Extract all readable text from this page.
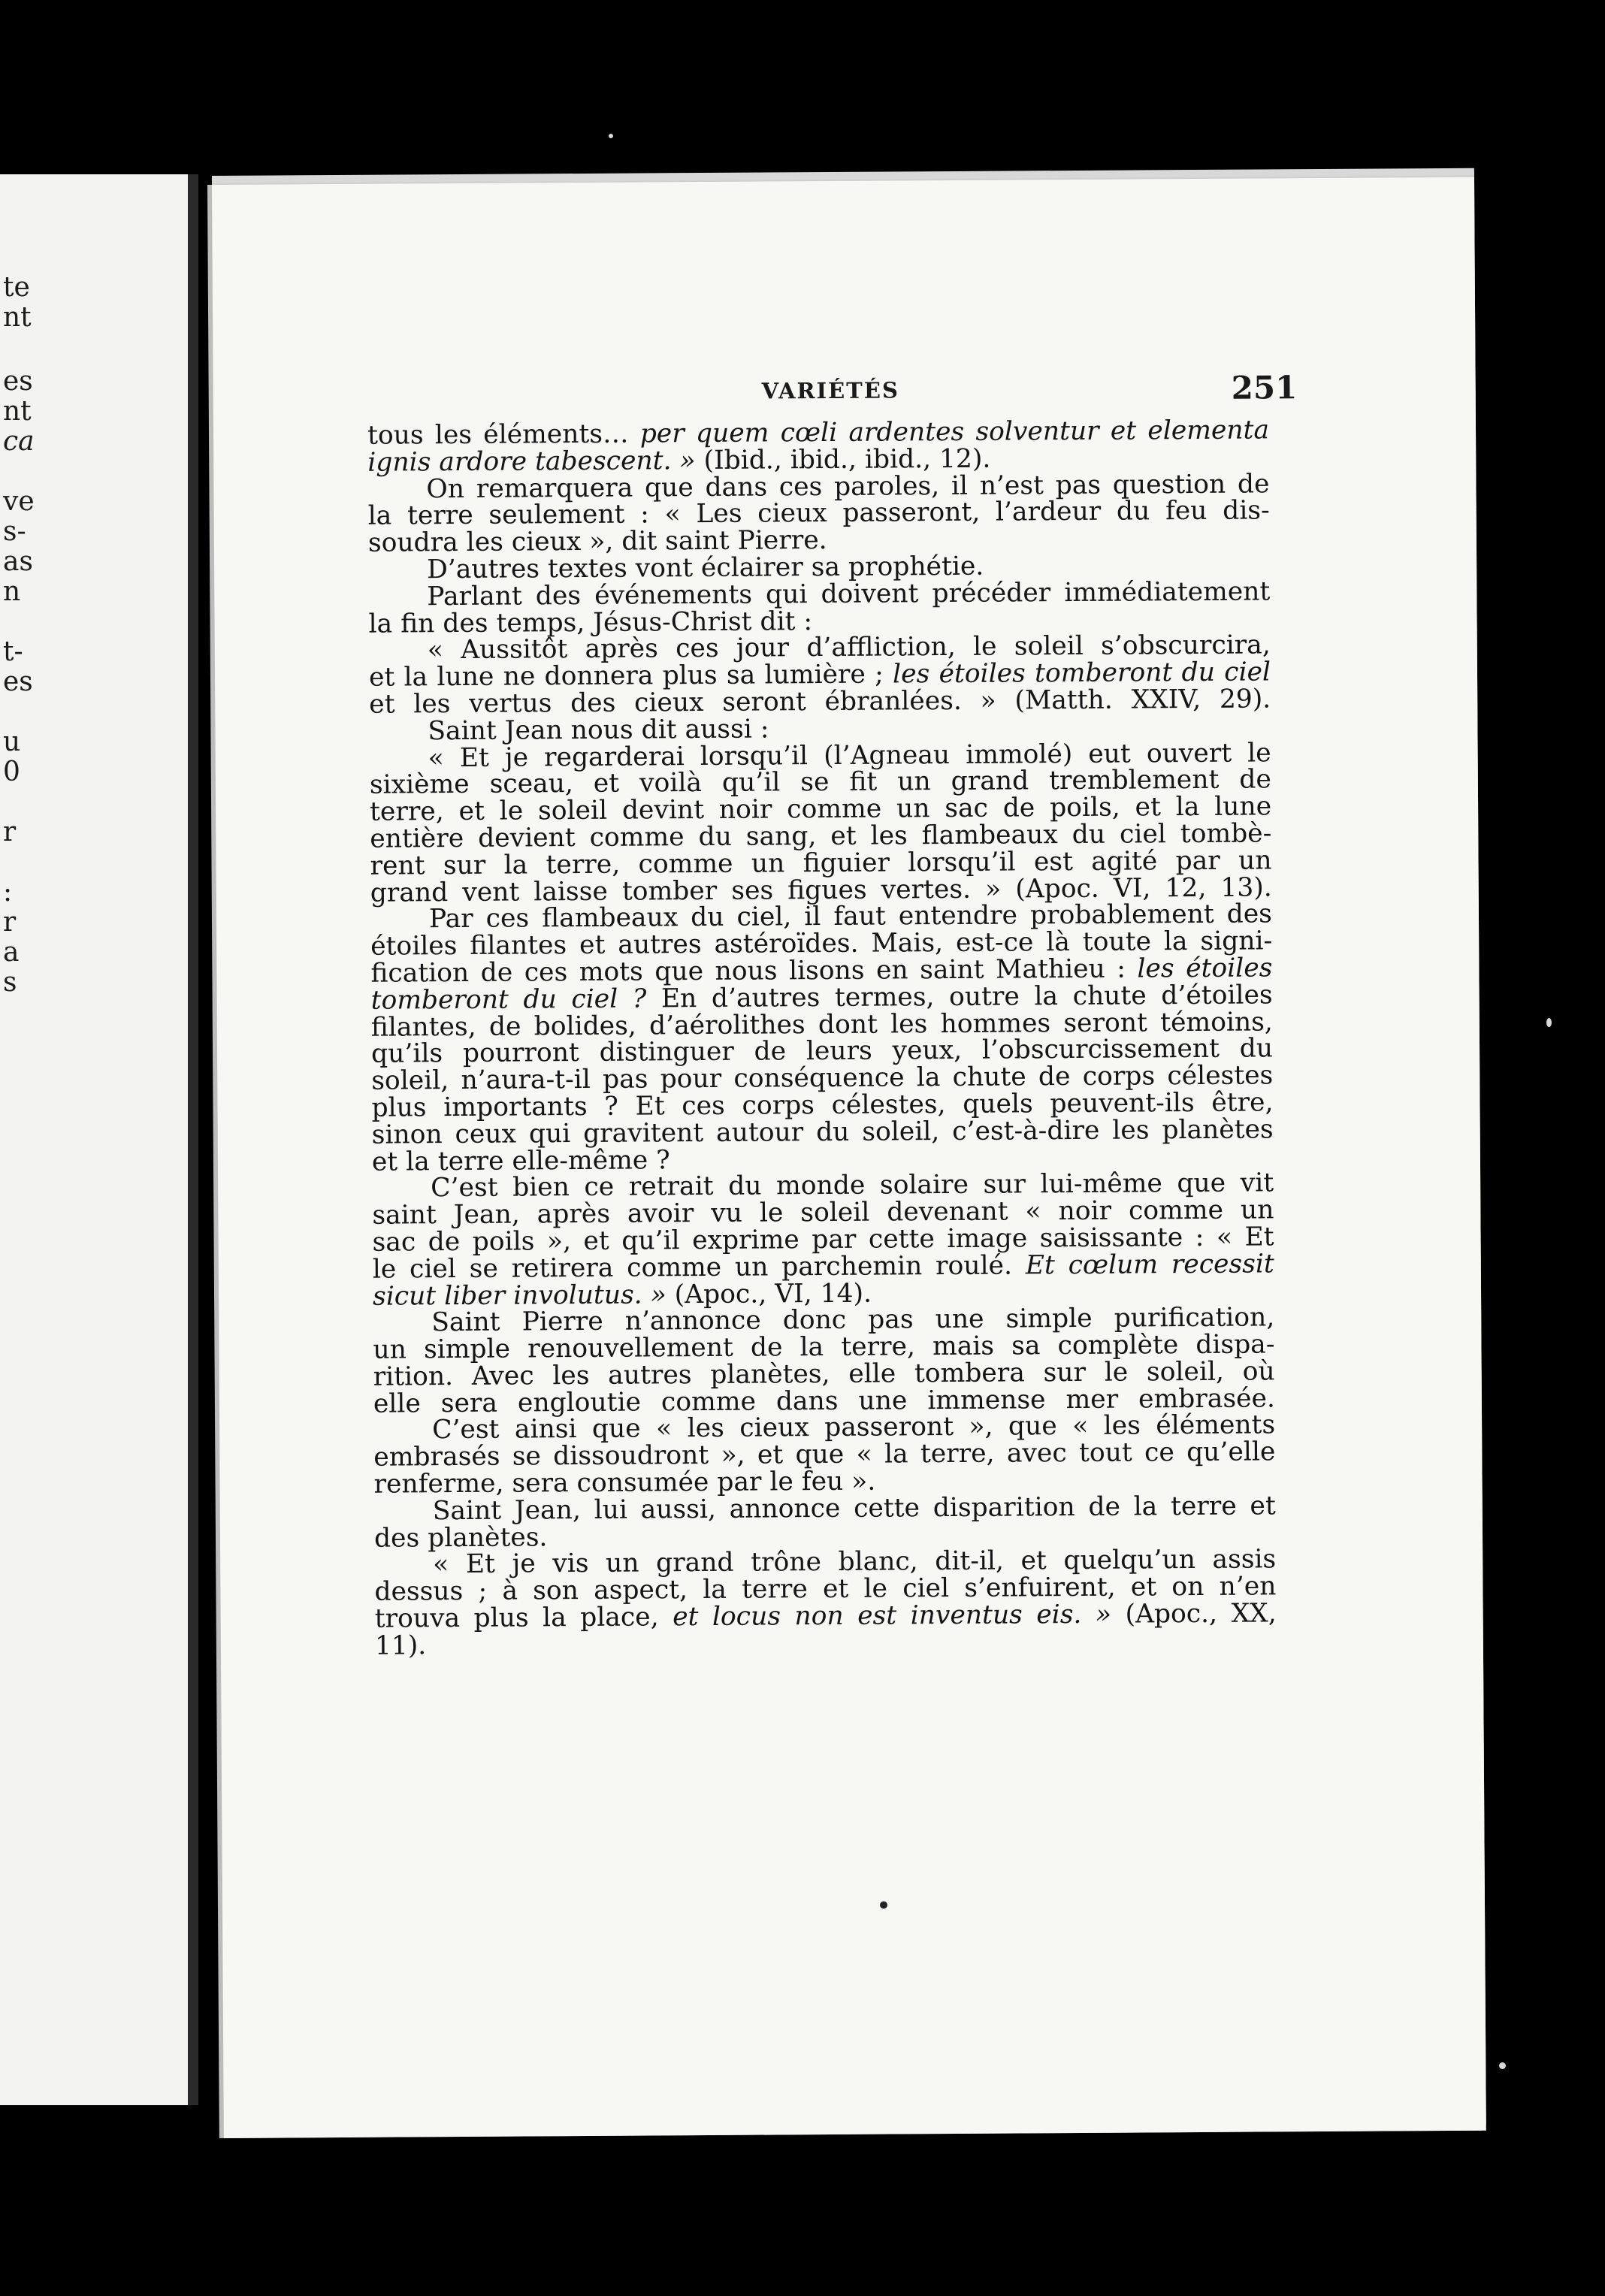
te
nt
es
nt
ca
ve
s-
as
n
t-
es
u
0
r
:
r
a
s
VARIÉTÉS	251
tous les éléments… per quem cœli ardentes solventur et elementa
ignis ardore tabescent. » (Ibid., ibid., ibid., 12).
On remarquera que dans ces paroles, il n’est pas question de
la terre seulement : « Les cieux passeront, l’ardeur du feu dis-
soudra les cieux », dit saint Pierre.
D’autres textes vont éclairer sa prophétie.
Parlant des événements qui doivent précéder immédiatement
la fin des temps, Jésus-Christ dit :
« Aussitôt après ces jour d’affliction, le soleil s’obscurcira,
et la lune ne donnera plus sa lumière ; les étoiles tomberont du ciel
et les vertus des cieux seront ébranlées. » (Matth. XXIV, 29).
Saint Jean nous dit aussi :
« Et je regarderai lorsqu’il (l’Agneau immolé) eut ouvert le
sixième sceau, et voilà qu’il se fit un grand tremblement de
terre, et le soleil devint noir comme un sac de poils, et la lune
entière devient comme du sang, et les flambeaux du ciel tombè-
rent sur la terre, comme un figuier lorsqu’il est agité par un
grand vent laisse tomber ses figues vertes. » (Apoc. VI, 12, 13).
Par ces flambeaux du ciel, il faut entendre probablement des
étoiles filantes et autres astéroïdes. Mais, est-ce là toute la signi-
fication de ces mots que nous lisons en saint Mathieu : les étoiles
tomberont du ciel ? En d’autres termes, outre la chute d’étoiles
filantes, de bolides, d’aérolithes dont les hommes seront témoins,
qu’ils pourront distinguer de leurs yeux, l’obscurcissement du
soleil, n’aura-t-il pas pour conséquence la chute de corps célestes
plus importants ? Et ces corps célestes, quels peuvent-ils être,
sinon ceux qui gravitent autour du soleil, c’est-à-dire les planètes
et la terre elle-même ?
C’est bien ce retrait du monde solaire sur lui-même que vit
saint Jean, après avoir vu le soleil devenant « noir comme un
sac de poils », et qu’il exprime par cette image saisissante : « Et
le ciel se retirera comme un parchemin roulé. Et cœlum recessit
sicut liber involutus. » (Apoc., VI, 14).
Saint Pierre n’annonce donc pas une simple purification,
un simple renouvellement de la terre, mais sa complète dispa-
rition. Avec les autres planètes, elle tombera sur le soleil, où
elle sera engloutie comme dans une immense mer embrasée.
C’est ainsi que « les cieux passeront », que « les éléments
embrasés se dissoudront », et que « la terre, avec tout ce qu’elle
renferme, sera consumée par le feu ».
Saint Jean, lui aussi, annonce cette disparition de la terre et
des planètes.
« Et je vis un grand trône blanc, dit-il, et quelqu’un assis
dessus ; à son aspect, la terre et le ciel s’enfuirent, et on n’en
trouva plus la place, et locus non est inventus eis. » (Apoc., XX,
11).
